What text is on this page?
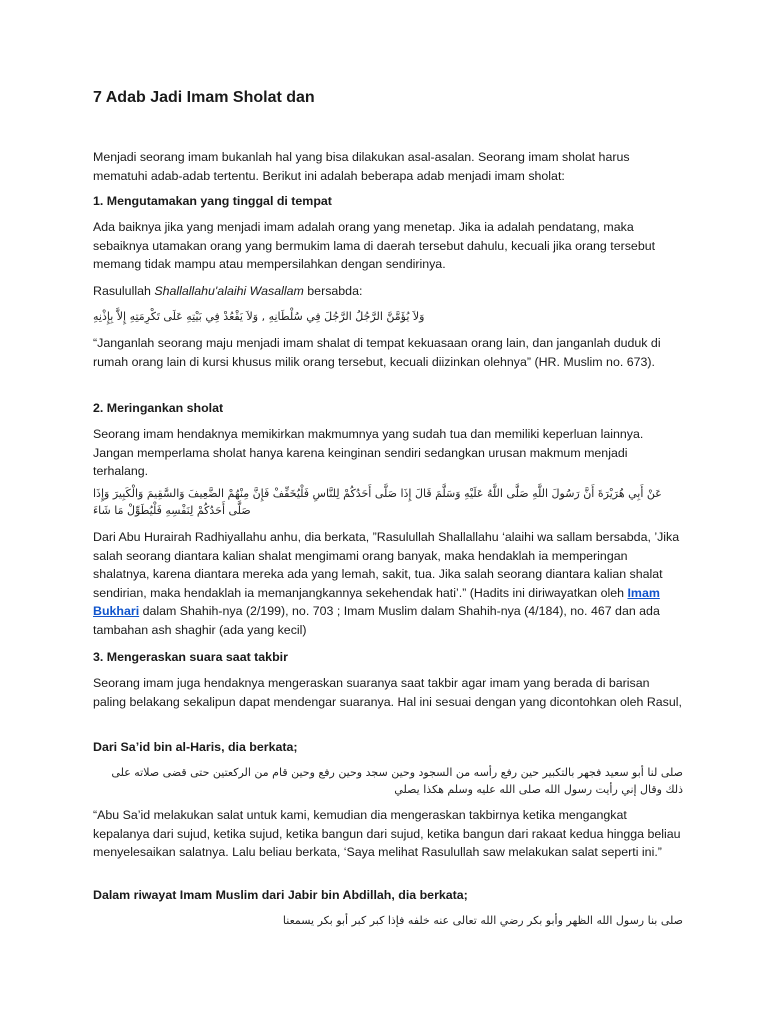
7 Adab Jadi Imam Sholat dan

Menjadi seorang imam bukanlah hal yang bisa dilakukan asal-asalan. Seorang imam sholat harus mematuhi adab-adab tertentu. Berikut ini adalah beberapa adab menjadi imam sholat:

1. Mengutamakan yang tinggal di tempat

Ada baiknya jika yang menjadi imam adalah orang yang menetap. Jika ia adalah pendatang, maka sebaiknya utamakan orang yang bermukim lama di daerah tersebut dahulu, kecuali jika orang tersebut memang tidak mampu atau mempersilahkan dengan sendirinya.

Rasulullah Shallallahu'alaihi Wasallam bersabda:

وَلاَ يُؤَمَّنَّ الرَّجُلُ الرَّجُلَ فِي سُلْطَانِهِ , وَلاَ يَقْعُدْ فِي بَيْتِهِ عَلَى تَكْرِمَتِهِ إِلاَّ بِإِذْنِهِ

“Janganlah seorang maju menjadi imam shalat di tempat kekuasaan orang lain, dan janganlah duduk di rumah orang lain di kursi khusus milik orang tersebut, kecuali diizinkan olehnya” (HR. Muslim no. 673).

2. Meringankan sholat

Seorang imam hendaknya memikirkan makmumnya yang sudah tua dan memiliki keperluan lainnya. Jangan memperlama sholat hanya karena keinginan sendiri sedangkan urusan makmum menjadi terhalang.

عَنْ أَبِي هُرَيْرَةَ أَنَّ رَسُولَ اللَّهِ صَلَّى اللَّهُ عَلَيْهِ وَسَلَّمَ قَالَ إِذَا صَلَّى أَحَدُكُمْ لِلنَّاسِ فَلْيُخَفِّفْ فَإِنَّ مِنْهُمْ الضَّعِيفَ وَالسَّقِيمَ وَالْكَبِيرَ وَإِذَا صَلَّى أَحَدُكُمْ لِنَفْسِهِ فَلْيُطَوِّلْ مَا شَاءَ

Dari Abu Hurairah Radhiyallahu anhu, dia berkata, ”Rasulullah Shallallahu ‘alaihi wa sallam bersabda, ’Jika salah seorang diantara kalian shalat mengimami orang banyak, maka hendaklah ia memperingan shalatnya, karena diantara mereka ada yang lemah, sakit, tua. Jika salah seorang diantara kalian shalat sendirian, maka hendaklah ia memanjangkannya sekehendak hati’.” (Hadits ini diriwayatkan oleh Imam Bukhari dalam Shahih-nya (2/199), no. 703 ; Imam Muslim dalam Shahih-nya (4/184), no. 467 dan ada tambahan ash shaghir (ada yang kecil)

3. Mengeraskan suara saat takbir

Seorang imam juga hendaknya mengeraskan suaranya saat takbir agar imam yang berada di barisan paling belakang sekalipun dapat mendengar suaranya. Hal ini sesuai dengan yang dicontohkan oleh Rasul,

Dari Sa’id bin al-Haris, dia berkata;

صلى لنا أبو سعيد فجهر بالتكبير حين رفع رأسه من السجود وحين سجد وحين رفع وحين قام من الركعتين حتى قضى صلاته على ذلك وقال إني رأيت رسول الله صلى الله عليه وسلم هكذا يصلي

“Abu Sa’id melakukan salat untuk kami, kemudian dia mengeraskan takbirnya ketika mengangkat kepalanya dari sujud, ketika sujud, ketika bangun dari sujud, ketika bangun dari rakaat kedua hingga beliau menyelesaikan salatnya. Lalu beliau berkata, ‘Saya melihat Rasulullah saw melakukan salat seperti ini.”

Dalam riwayat Imam Muslim dari Jabir bin Abdillah, dia berkata;

صلى بنا رسول الله الظهر وأبو بكر رضي الله تعالى عنه خلفه فإذا كبر كبر أبو بكر يسمعنا
